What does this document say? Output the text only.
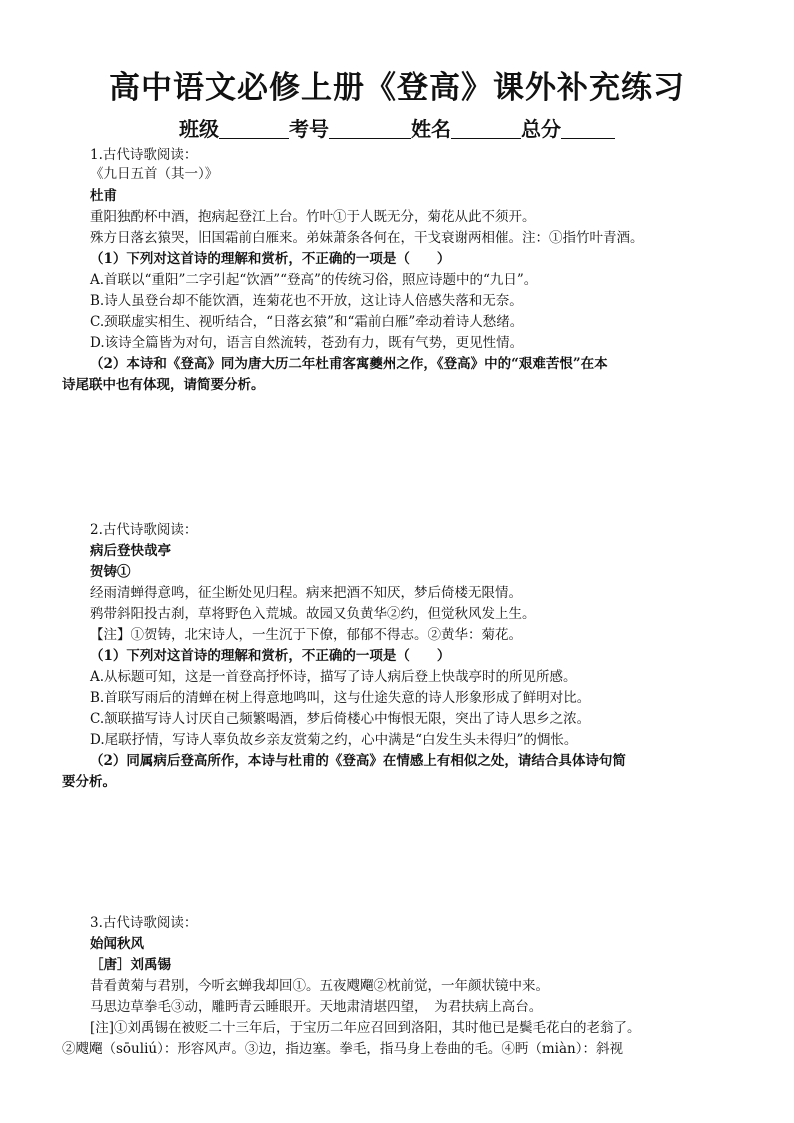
高中语文必修上册《登高》课外补充练习
班级	考号	姓名	总分
1.古代诗歌阅读：
《九日五首（其一）》
杜甫
重阳独酌杯中酒，抱病起登江上台。竹叶①于人既无分，菊花从此不须开。
殊方日落玄猿哭，旧国霜前白雁来。弟妹萧条各何在，干戈衰谢两相催。注：①指竹叶青酒。
（1）下列对这首诗的理解和赏析，不正确的一项是（　　）
A.首联以“重阳”二字引起“饮酒”“登高”的传统习俗，照应诗题中的“九日”。
B.诗人虽登台却不能饮酒，连菊花也不开放，这让诗人倍感失落和无奈。
C.颈联虚实相生、视听结合，“日落玄猿”和“霜前白雁”牵动着诗人愁绪。
D.该诗全篇皆为对句，语言自然流转，苍劲有力，既有气势，更见性情。
（2）本诗和《登高》同为唐大历二年杜甫客寓夔州之作，《登高》中的“艰难苦恨”在本
诗尾联中也有体现，请简要分析。
2.古代诗歌阅读：
病后登快哉亭
贺铸①
经雨清蝉得意鸣，征尘断处见归程。病来把酒不知厌，梦后倚楼无限情。
鸦带斜阳投古刹，草将野色入荒城。故园又负黄华②约，但觉秋风发上生。
【注】①贺铸，北宋诗人，一生沉于下僚，郁郁不得志。②黄华：菊花。
（1）下列对这首诗的理解和赏析，不正确的一项是（　　）
A.从标题可知，这是一首登高抒怀诗，描写了诗人病后登上快哉亭时的所见所感。
B.首联写雨后的清蝉在树上得意地鸣叫，这与仕途失意的诗人形象形成了鲜明对比。
C.颔联描写诗人讨厌自己频繁喝酒，梦后倚楼心中悔恨无限，突出了诗人思乡之浓。
D.尾联抒情，写诗人辜负故乡亲友赏菊之约，心中满是“白发生头未得归”的惆怅。
（2）同属病后登高所作，本诗与杜甫的《登高》在情感上有相似之处，请结合具体诗句简
要分析。
3.古代诗歌阅读：
始闻秋风
［唐］刘禹锡
昔看黄菊与君别，今听玄蝉我却回①。五夜飕飗②枕前觉，一年颜状镜中来。
马思边草拳毛③动，雕眄青云睡眼开。天地肃清堪四望，　为君扶病上高台。
[注]①刘禹锡在被贬二十三年后，于宝历二年应召回到洛阳，其时他已是鬓毛花白的老翁了。
②飕飗（sōuliú）：形容风声。③边，指边塞。拳毛，指马身上卷曲的毛。④眄（miàn）：斜视
